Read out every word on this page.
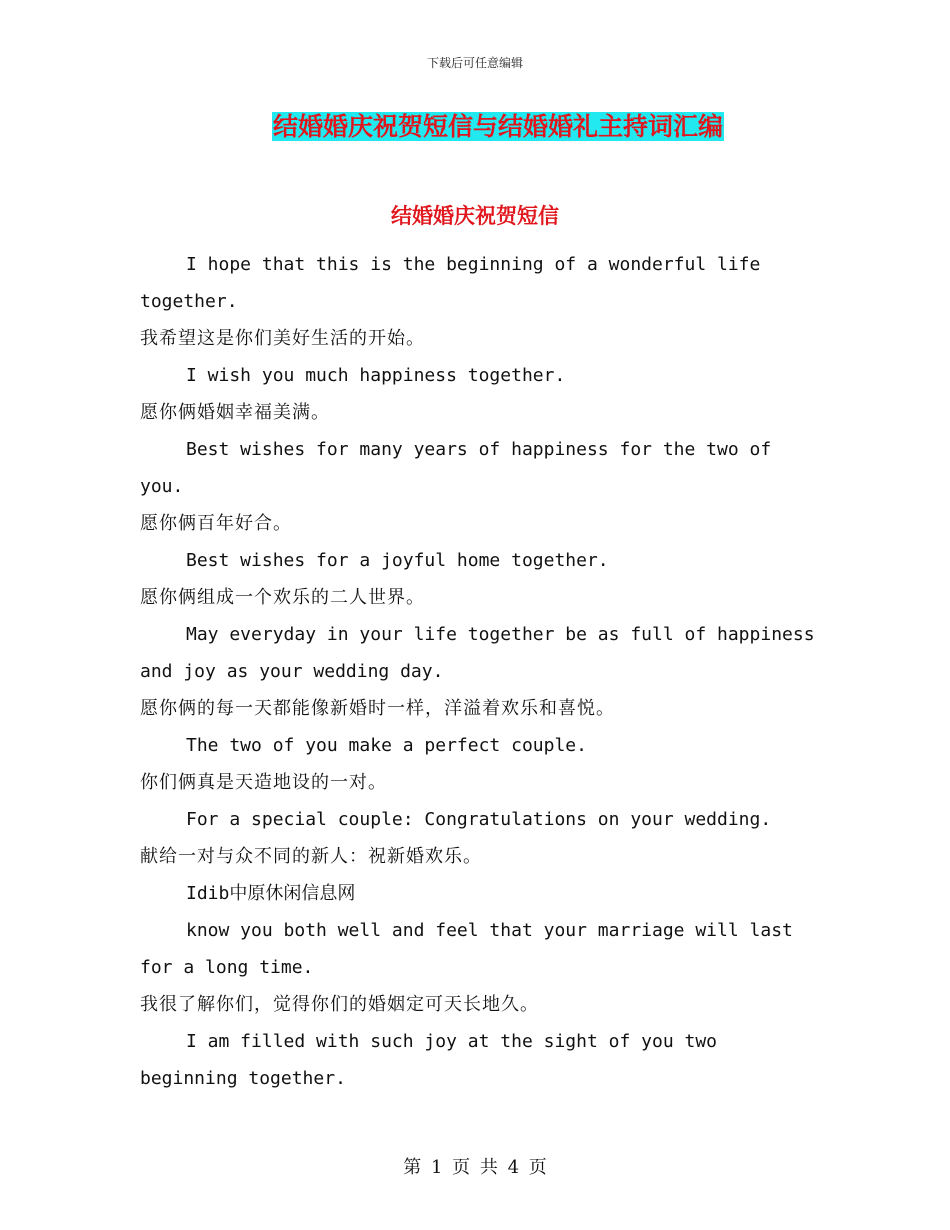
下载后可任意编辑
结婚婚庆祝贺短信与结婚婚礼主持词汇编
结婚婚庆祝贺短信

I hope that this is the beginning of a wonderful life together.

我希望这是你们美好生活的开始。

I wish you much happiness together.

愿你俩婚姻幸福美满。

Best wishes for many years of happiness for the two of you.

愿你俩百年好合。

Best wishes for a joyful home together.

愿你俩组成一个欢乐的二人世界。

May everyday in your life together be as full of happiness and joy as your wedding day.

愿你俩的每一天都能像新婚时一样，洋溢着欢乐和喜悦。

The two of you make a perfect couple.

你们俩真是天造地设的一对。

For a special couple: Congratulations on your wedding.

献给一对与众不同的新人：祝新婚欢乐。

Idib中原休闲信息网

know you both well and feel that your marriage will last for a long time.

我很了解你们，觉得你们的婚姻定可天长地久。

I am filled with such joy at the sight of you two beginning together.

第 1 页 共 4 页
